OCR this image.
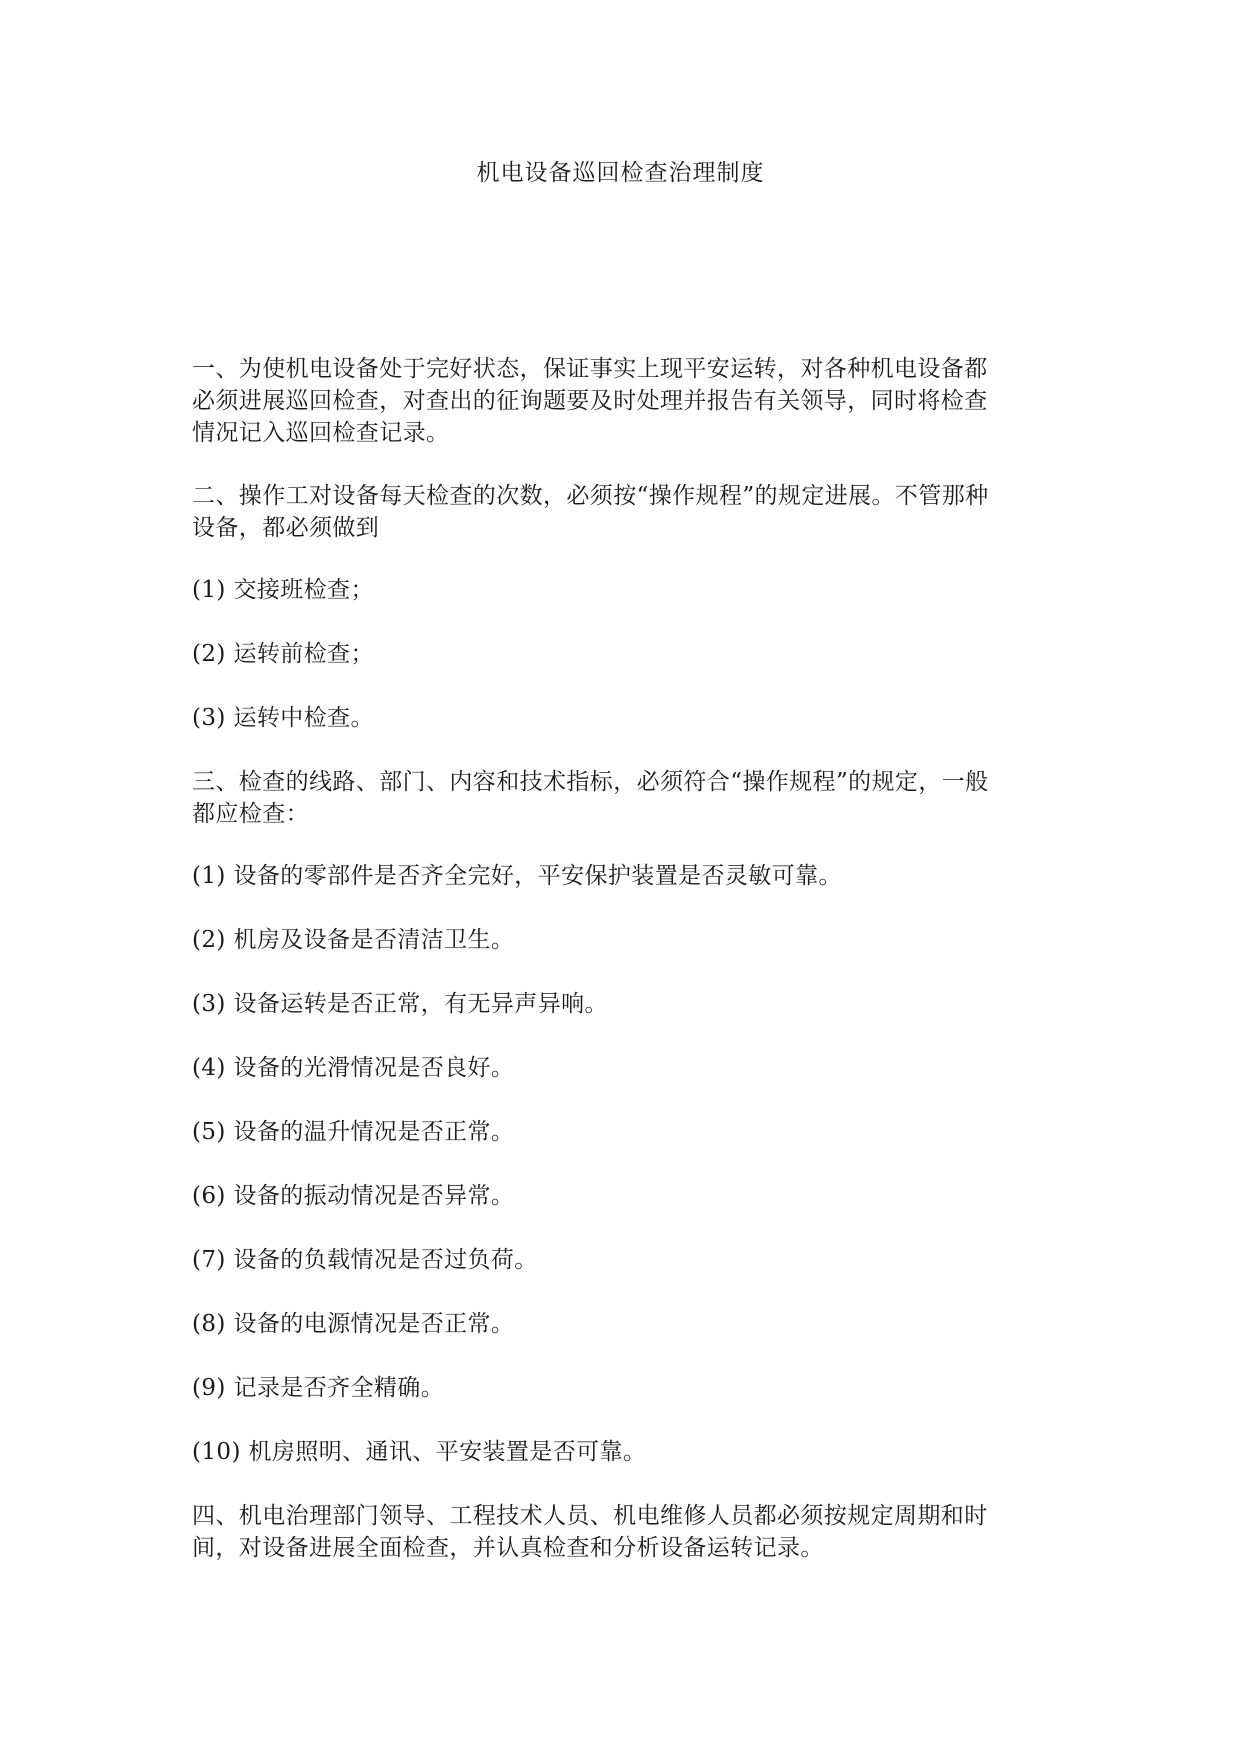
机电设备巡回检查治理制度

一、为使机电设备处于完好状态，保证事实上现平安运转，对各种机电设备都
必须进展巡回检查，对查出的征询题要及时处理并报告有关领导，同时将检查
情况记入巡回检查记录。

二、操作工对设备每天检查的次数，必须按“操作规程”的规定进展。不管那种
设备，都必须做到

(1) 交接班检查；

(2) 运转前检查；

(3) 运转中检查。

三、检查的线路、部门、内容和技术指标，必须符合“操作规程”的规定，一般
都应检查：

(1) 设备的零部件是否齐全完好，平安保护装置是否灵敏可靠。

(2) 机房及设备是否清洁卫生。

(3) 设备运转是否正常，有无异声异响。

(4) 设备的光滑情况是否良好。

(5) 设备的温升情况是否正常。

(6) 设备的振动情况是否异常。

(7) 设备的负载情况是否过负荷。

(8) 设备的电源情况是否正常。

(9) 记录是否齐全精确。

(10) 机房照明、通讯、平安装置是否可靠。

四、机电治理部门领导、工程技术人员、机电维修人员都必须按规定周期和时
间，对设备进展全面检查，并认真检查和分析设备运转记录。
